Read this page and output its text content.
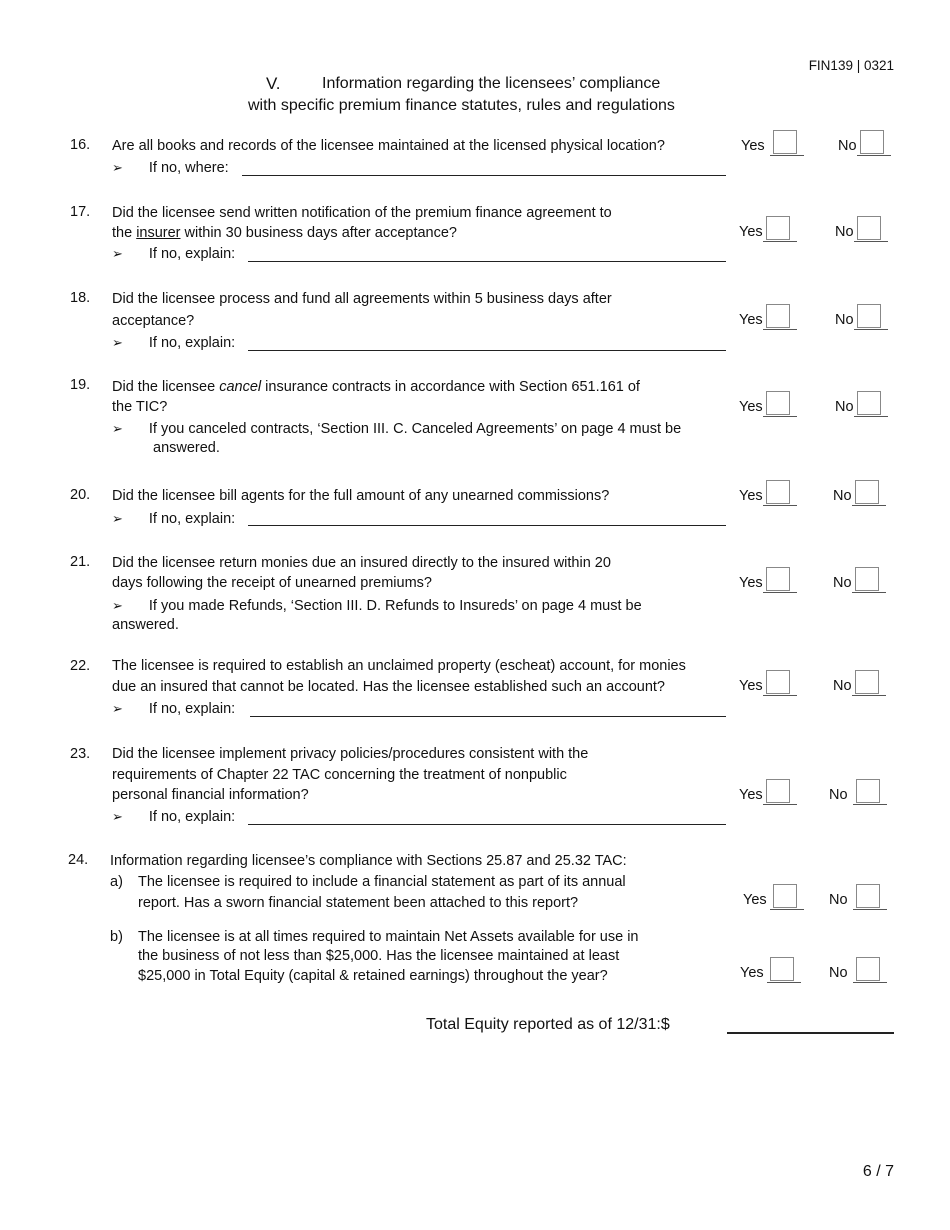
FIN139 | 0321
V.	Information regarding the licensees’ compliance
with specific premium finance statutes, rules and regulations
16. Are all books and records of the licensee maintained at the licensed physical location?
➢ If no, where:
Yes	No
17. Did the licensee send written notification of the premium finance agreement to
the insurer within 30 business days after acceptance?
➢ If no, explain:
Yes	No
18. Did the licensee process and fund all agreements within 5 business days after
acceptance?
➢ If no, explain:
Yes	No
19. Did the licensee cancel insurance contracts in accordance with Section 651.161 of
the TIC?
➢ If you canceled contracts, ‘Section III. C. Canceled Agreements’ on page 4 must be
answered.
Yes	No
20. Did the licensee bill agents for the full amount of any unearned commissions?
➢ If no, explain:
Yes	No
21. Did the licensee return monies due an insured directly to the insured within 20
days following the receipt of unearned premiums?
➢ If you made Refunds, ‘Section III. D. Refunds to Insureds’ on page 4 must be
answered.
Yes	No
22. The licensee is required to establish an unclaimed property (escheat) account, for monies
due an insured that cannot be located. Has the licensee established such an account?
➢ If no, explain:
Yes	No
23. Did the licensee implement privacy policies/procedures consistent with the
requirements of Chapter 22 TAC concerning the treatment of nonpublic
personal financial information?
➢ If no, explain:
Yes	No
24. Information regarding licensee’s compliance with Sections 25.87 and 25.32 TAC:
a) The licensee is required to include a financial statement as part of its annual
report. Has a sworn financial statement been attached to this report?	Yes	No
b) The licensee is at all times required to maintain Net Assets available for use in
the business of not less than $25,000. Has the licensee maintained at least
$25,000 in Total Equity (capital & retained earnings) throughout the year?	Yes	No
Total Equity reported as of 12/31:$
6 / 7
